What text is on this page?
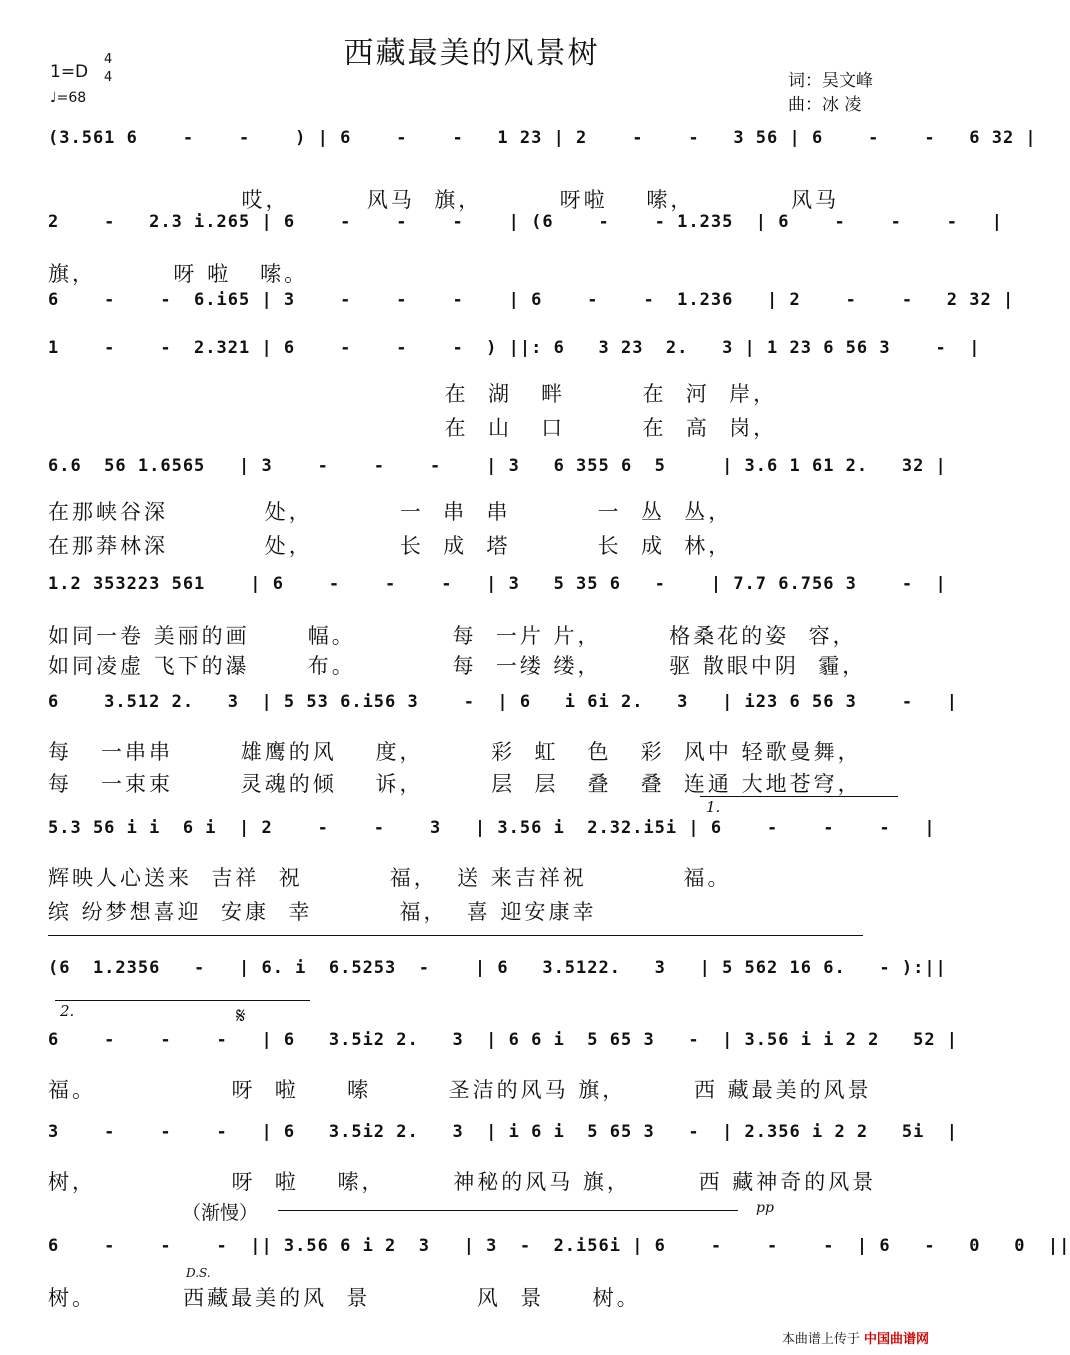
西藏最美的风景树
1=D
4
4
♩=68
词：吴文峰
曲：冰 凌
(3.561 6    -    -    ) | 6    -    -   1 23 | 2    -    -   3 56 | 6    -    -   6 32 |
哎，        风马  旗，        呀啦    嗦，          风马
2    -   2.3 i.265 | 6    -    -    -    | (6    -    - 1.235  | 6    -    -    -   |
旗，        呀 啦   嗦。
6    -    -  6.i65 | 3    -    -    -    | 6    -    -  1.236   | 2    -    -   2 32 |
1    -    -  2.321 | 6    -    -    -  ) ||: 6   3 23  2.   3 | 1 23 6 56 3    -  |
在  湖   畔        在  河  岸，
在  山   口        在  高  岗，
6.6  56 1.6565   | 3    -    -    -    | 3   6 355 6  5     | 3.6 1 61 2.   32 |
在那峡谷深          处，         一  串  串         一  丛  丛，
在那莽林深          处，         长  成  塔         长  成  林，
1.2 353223 561    | 6    -    -    -   | 3   5 35 6   -    | 7.7 6.756 3    -  |
如同一卷 美丽的画      幅。          每  一片 片，       格桑花的姿  容，
如同凌虚 飞下的瀑      布。          每  一缕 缕，       驱 散眼中阴  霾，
6    3.512 2.   3  | 5 53 6.i56 3    -  | 6   i 6i 2.   3   | i23 6 56 3    -   |
每   一串串       雄鹰的风    度，       彩  虹   色   彩  风中 轻歌曼舞，
每   一束束       灵魂的倾    诉，       层  层   叠   叠  连通 大地苍穹，
5.3 56 i i  6 i  | 2    -    -    3   | 3.56 i  2.32.i5i | 6    -    -    -   |
辉映人心送来  吉祥  祝         福，  送 来吉祥祝          福。
缤 纷梦想喜迎  安康  幸         福，  喜 迎安康幸
(6  1.2356   -   | 6. i  6.5253  -    | 6   3.5122.   3   | 5 562 16 6.   - ):||
6    -    -    -   | 6   3.5i2 2.   3  | 6 6 i  5 65 3   -  | 3.56 i i 2 2   52 |
福。              呀  啦     嗦        圣洁的风马 旗，       西 藏最美的风景
3    -    -    -   | 6   3.5i2 2.   3  | i 6 i  5 65 3   -  | 2.356 i 2 2   5i  |
树，              呀  啦    嗦，       神秘的风马 旗，       西 藏神奇的风景
6    -    -    -  || 3.56 6 i 2  3   | 3  -  2.i56i | 6    -    -    -  | 6   -   0   0  ||
树。         西藏最美的风  景           风  景     树。
1.
2.	𝄋
D.S.
（渐慢）	pp
本曲谱上传于 中国曲谱网
